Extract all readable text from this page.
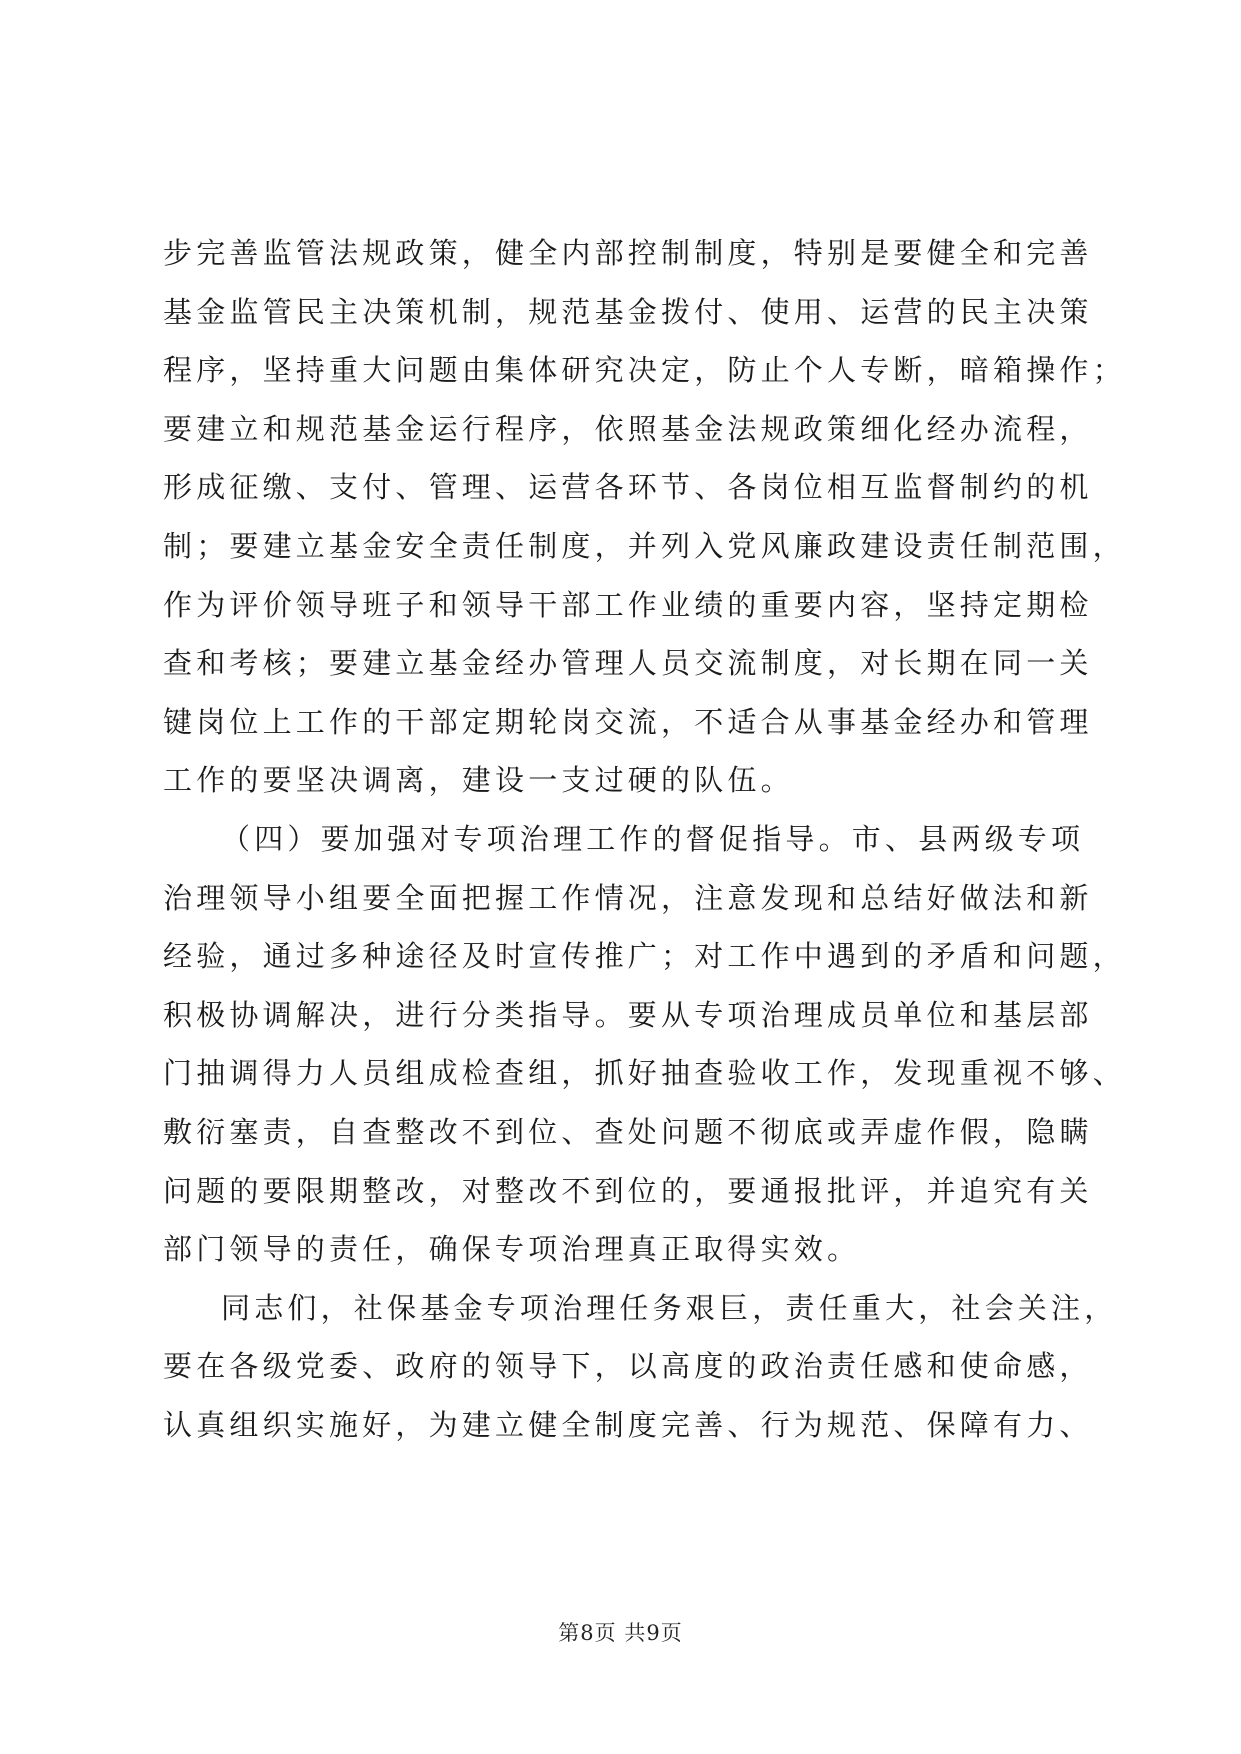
步完善监管法规政策，健全内部控制制度，特别是要健全和完善
基金监管民主决策机制，规范基金拨付、使用、运营的民主决策
程序，坚持重大问题由集体研究决定，防止个人专断，暗箱操作；
要建立和规范基金运行程序，依照基金法规政策细化经办流程，
形成征缴、支付、管理、运营各环节、各岗位相互监督制约的机
制；要建立基金安全责任制度，并列入党风廉政建设责任制范围，
作为评价领导班子和领导干部工作业绩的重要内容，坚持定期检
查和考核；要建立基金经办管理人员交流制度，对长期在同一关
键岗位上工作的干部定期轮岗交流，不适合从事基金经办和管理
工作的要坚决调离，建设一支过硬的队伍。
（四）要加强对专项治理工作的督促指导。市、县两级专项
治理领导小组要全面把握工作情况，注意发现和总结好做法和新
经验，通过多种途径及时宣传推广；对工作中遇到的矛盾和问题，
积极协调解决，进行分类指导。要从专项治理成员单位和基层部
门抽调得力人员组成检查组，抓好抽查验收工作，发现重视不够、
敷衍塞责，自查整改不到位、查处问题不彻底或弄虚作假，隐瞒
问题的要限期整改，对整改不到位的，要通报批评，并追究有关
部门领导的责任，确保专项治理真正取得实效。
同志们，社保基金专项治理任务艰巨，责任重大，社会关注，
要在各级党委、政府的领导下，以高度的政治责任感和使命感，
认真组织实施好，为建立健全制度完善、行为规范、保障有力、
第8页 共9页
